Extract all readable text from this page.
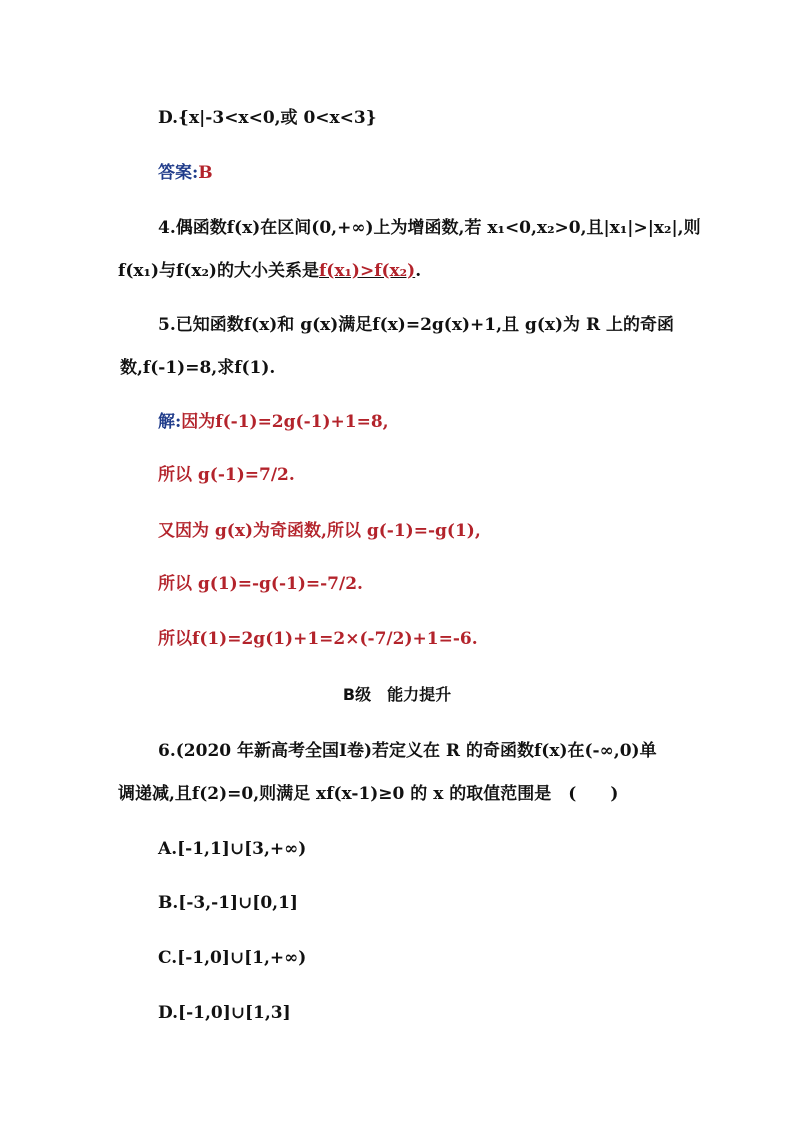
D.{x|-3<x<0,或 0<x<3}
答案:B
4.偶函数f(x)在区间(0,+∞)上为增函数,若 x₁<0,x₂>0,且|x₁|>|x₂|,则
f(x₁)与f(x₂)的大小关系是f(x₁)>f(x₂).
5.已知函数f(x)和 g(x)满足f(x)=2g(x)+1,且 g(x)为 R 上的奇函
数,f(-1)=8,求f(1).
解:因为f(-1)=2g(-1)+1=8,
所以 g(-1)=7/2.
又因为 g(x)为奇函数,所以 g(-1)=-g(1),
所以 g(1)=-g(-1)=-7/2.
所以f(1)=2g(1)+1=2×(-7/2)+1=-6.
B级　能力提升
6.(2020 年新高考全国Ⅰ卷)若定义在 R 的奇函数f(x)在(-∞,0)单
调递减,且f(2)=0,则满足 xf(x-1)≥0 的 x 的取值范围是　(　　)
A.[-1,1]∪[3,+∞)
B.[-3,-1]∪[0,1]
C.[-1,0]∪[1,+∞)
D.[-1,0]∪[1,3]
